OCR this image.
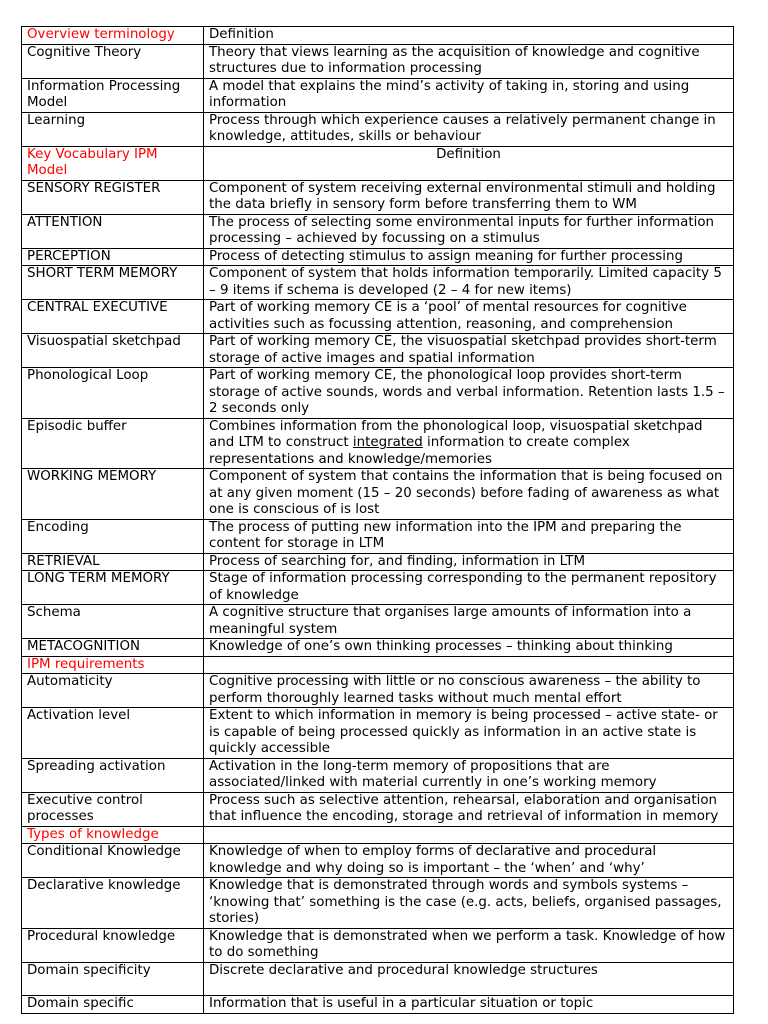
Overview terminology	Definition
Cognitive Theory	Theory that views learning as the acquisition of knowledge and cognitive structures due to information processing
Information Processing Model	A model that explains the mind’s activity of taking in, storing and using information
Learning	Process through which experience causes a relatively permanent change in knowledge, attitudes, skills or behaviour
Key Vocabulary IPM Model	Definition
SENSORY REGISTER	Component of system receiving external environmental stimuli and holding the data briefly in sensory form before transferring them to WM
ATTENTION	The process of selecting some environmental inputs for further information processing – achieved by focussing on a stimulus
PERCEPTION	Process of detecting stimulus to assign meaning for further processing
SHORT TERM MEMORY	Component of system that holds information temporarily. Limited capacity 5 – 9 items if schema is developed (2 – 4 for new items)
CENTRAL EXECUTIVE	Part of working memory CE is a ‘pool’ of mental resources for cognitive activities such as focussing attention, reasoning, and comprehension
Visuospatial sketchpad	Part of working memory CE, the visuospatial sketchpad provides short-term storage of active images and spatial information
Phonological Loop	Part of working memory CE, the phonological loop provides short-term storage of active sounds, words and verbal information. Retention lasts 1.5 – 2 seconds only
Episodic buffer	Combines information from the phonological loop, visuospatial sketchpad and LTM to construct integrated information to create complex representations and knowledge/memories
WORKING MEMORY	Component of system that contains the information that is being focused on at any given moment (15 – 20 seconds) before fading of awareness as what one is conscious of is lost
Encoding	The process of putting new information into the IPM and preparing the content for storage in LTM
RETRIEVAL	Process of searching for, and finding, information in LTM
LONG TERM MEMORY	Stage of information processing corresponding to the permanent repository of knowledge
Schema	A cognitive structure that organises large amounts of information into a meaningful system
METACOGNITION	Knowledge of one’s own thinking processes – thinking about thinking
IPM requirements	
Automaticity	Cognitive processing with little or no conscious awareness – the ability to perform thoroughly learned tasks without much mental effort
Activation level	Extent to which information in memory is being processed – active state- or is capable of being processed quickly as information in an active state is quickly accessible
Spreading activation	Activation in the long-term memory of propositions that are associated/linked with material currently in one’s working memory
Executive control processes	Process such as selective attention, rehearsal, elaboration and organisation that influence the encoding, storage and retrieval of information in memory
Types of knowledge	
Conditional Knowledge	Knowledge of when to employ forms of declarative and procedural knowledge and why doing so is important – the ‘when’ and ‘why’
Declarative knowledge	Knowledge that is demonstrated through words and symbols systems – ‘knowing that’ something is the case (e.g. acts, beliefs, organised passages, stories)
Procedural knowledge	Knowledge that is demonstrated when we perform a task. Knowledge of how to do something
Domain specificity	Discrete declarative and procedural knowledge structures
Domain specific	Information that is useful in a particular situation or topic
